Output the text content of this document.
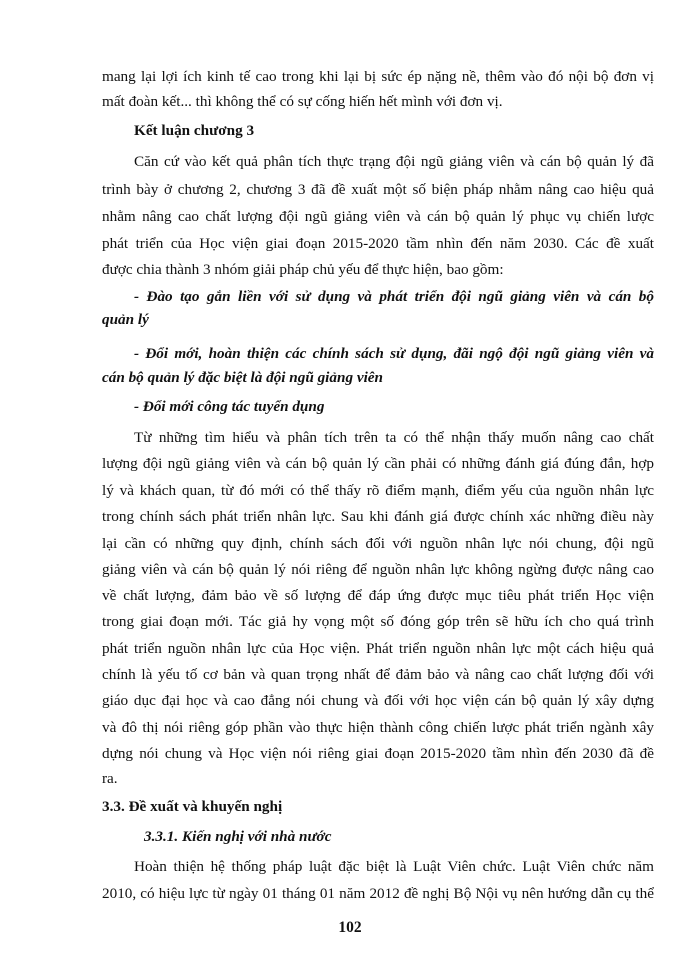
mang lại lợi ích kinh tế cao trong khi lại bị sức ép nặng nề, thêm vào đó nội bộ đơn vị
mất đoàn kết... thì không thể có sự cống hiến hết mình với đơn vị.
Kết luận chương 3
Căn cứ vào kết quả phân tích thực trạng đội ngũ giảng viên và cán bộ quản lý đã
trình bày ở chương 2, chương 3 đã đề xuất một số biện pháp nhằm nâng cao hiệu quả
nhằm nâng cao chất lượng đội ngũ giảng viên và cán bộ quản lý phục vụ chiến lược
phát triển của Học viện giai đoạn 2015-2020 tầm nhìn đến năm 2030. Các đề xuất
được chia thành 3 nhóm giải pháp chủ yếu để thực hiện, bao gồm:
- Đào tạo gắn liền với sử dụng và phát triển đội ngũ giảng viên và cán bộ
quản lý
- Đổi mới, hoàn thiện các chính sách sử dụng, đãi ngộ đội ngũ giảng viên và
cán bộ quản lý đặc biệt là đội ngũ giảng viên
- Đổi mới công tác tuyển dụng
Từ những tìm hiểu và phân tích trên ta có thể nhận thấy muốn nâng cao chất
lượng đội ngũ giảng viên và cán bộ quản lý cần phải có những đánh giá đúng đắn, hợp
lý và khách quan, từ đó mới có thể thấy rõ điểm mạnh, điểm yếu của nguồn nhân lực
trong chính sách phát triển nhân lực. Sau khi đánh giá được chính xác những điều này
lại cần có những quy định, chính sách đối với nguồn nhân lực nói chung, đội ngũ
giảng viên và cán bộ quản lý nói riêng để nguồn nhân lực không ngừng được nâng cao
về chất lượng, đảm bảo về số lượng để đáp ứng được mục tiêu phát triển Học viện
trong giai đoạn mới. Tác giả hy vọng một số đóng góp trên sẽ hữu ích cho quá trình
phát triển nguồn nhân lực của Học viện. Phát triển nguồn nhân lực một cách hiệu quả
chính là yếu tố cơ bản và quan trọng nhất để đảm bảo và nâng cao chất lượng đối với
giáo dục đại học và cao đẳng nói chung và đối với học viện cán bộ quản lý xây dựng
và đô thị nói riêng góp phần vào thực hiện thành công chiến lược phát triển ngành xây
dựng nói chung và Học viện nói riêng giai đoạn 2015-2020 tầm nhìn đến 2030 đã đề
ra.
3.3. Đề xuất và khuyến nghị
3.3.1. Kiến nghị với nhà nước
Hoàn thiện hệ thống pháp luật đặc biệt là Luật Viên chức. Luật Viên chức năm
2010, có hiệu lực từ ngày 01 tháng 01 năm 2012 đề nghị Bộ Nội vụ nên hướng dẫn cụ thể
102
